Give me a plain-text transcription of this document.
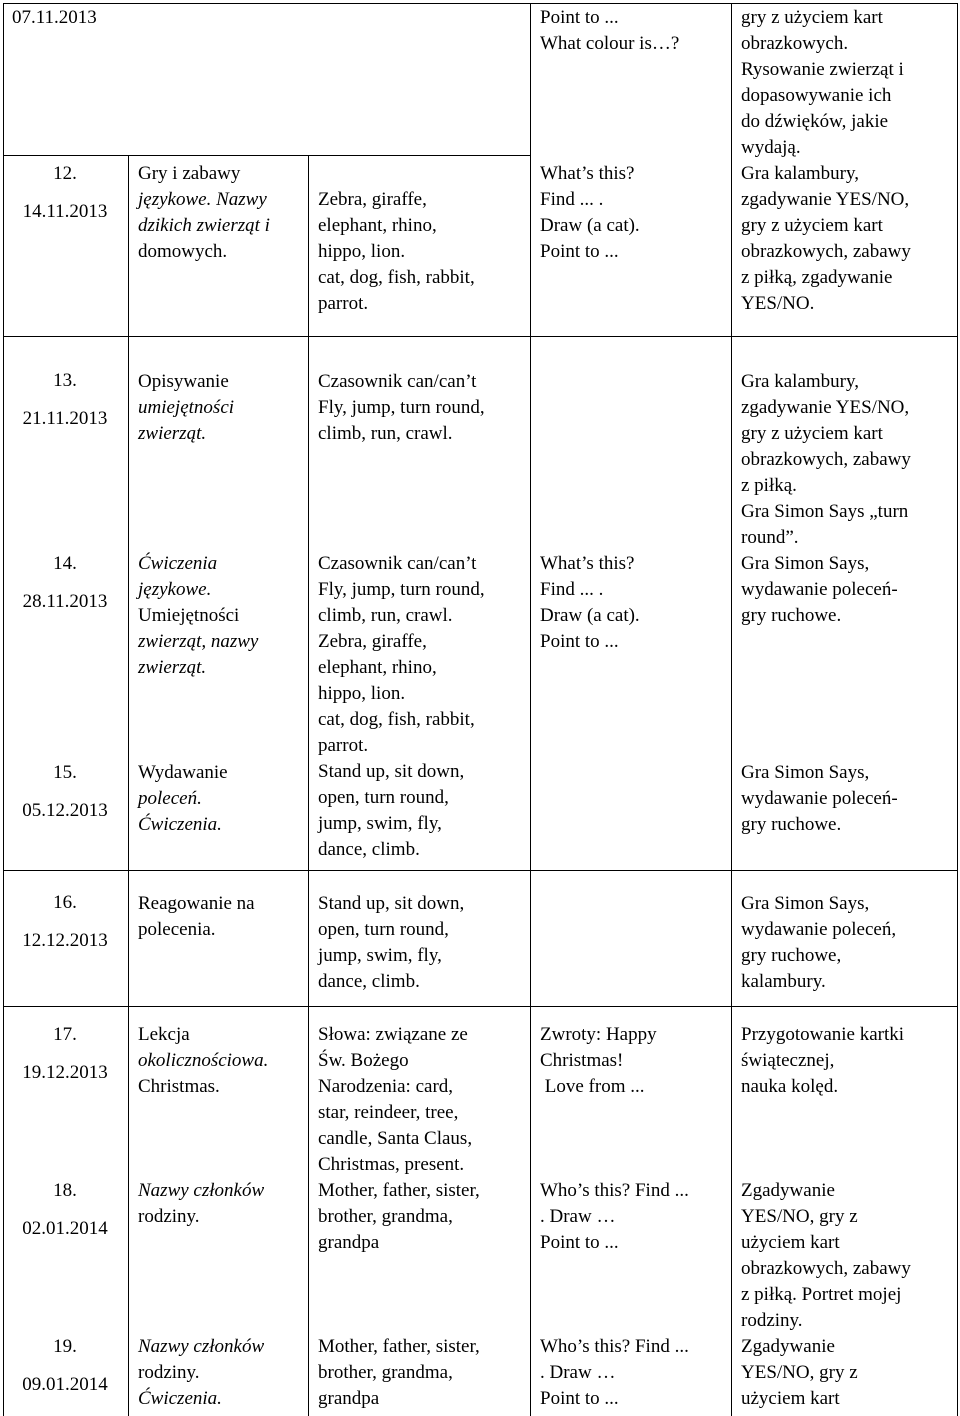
07.11.2013	Point to ...
What colour is…?
gry z użyciem kart
obrazkowych.
Rysowanie zwierząt i
dopasowywanie ich
do dźwięków, jakie
wydają.
12.
14.11.2013
Gry i zabawy
językowe. Nazwy
dzikich zwierząt i
domowych.
Zebra, giraffe,
elephant, rhino,
hippo, lion.
cat, dog, fish, rabbit,
parrot.
What’s this?
Find ... .
Draw (a cat).
Point to ...
Gra kalambury,
zgadywanie YES/NO,
gry z użyciem kart
obrazkowych, zabawy
z piłką, zgadywanie
YES/NO.
13.
21.11.2013
Opisywanie
umiejętności
zwierząt.
Czasownik can/can’t
Fly, jump, turn round,
climb, run, crawl.
Gra kalambury,
zgadywanie YES/NO,
gry z użyciem kart
obrazkowych, zabawy
z piłką.
Gra Simon Says „turn
round”.
14.
28.11.2013
Ćwiczenia
językowe.
Umiejętności
zwierząt, nazwy
zwierząt.
Czasownik can/can’t
Fly, jump, turn round,
climb, run, crawl.
Zebra, giraffe,
elephant, rhino,
hippo, lion.
cat, dog, fish, rabbit,
parrot.
Stand up, sit down,
open, turn round,
jump, swim, fly,
dance, climb.
What’s this?
Find ... .
Draw (a cat).
Point to ...
Gra Simon Says,
wydawanie poleceń-
gry ruchowe.
15.
05.12.2013
Wydawanie
poleceń.
Ćwiczenia.
Gra Simon Says,
wydawanie poleceń-
gry ruchowe.
16.
12.12.2013
Reagowanie na
polecenia.
Stand up, sit down,
open, turn round,
jump, swim, fly,
dance, climb.
Gra Simon Says,
wydawanie poleceń,
gry ruchowe,
kalambury.
17.
19.12.2013
Lekcja
okolicznościowa.
Christmas.
Słowa: związane ze
Św. Bożego
Narodzenia: card,
star, reindeer, tree,
candle, Santa Claus,
Christmas, present.
Zwroty: Happy
Christmas!
Love from ...
Przygotowanie kartki
świątecznej,
nauka kolęd.
18.
02.01.2014
Nazwy członków
rodziny.
Mother, father, sister,
brother, grandma,
grandpa
Who’s this? Find ...
. Draw …
Point to ...
Zgadywanie
YES/NO, gry z
użyciem kart
obrazkowych, zabawy
z piłką. Portret mojej
rodziny.
19.
09.01.2014
Nazwy członków
rodziny.
Ćwiczenia.
Mother, father, sister,
brother, grandma,
grandpa
Who’s this? Find ...
. Draw …
Point to ...
Zgadywanie
YES/NO, gry z
użyciem kart
